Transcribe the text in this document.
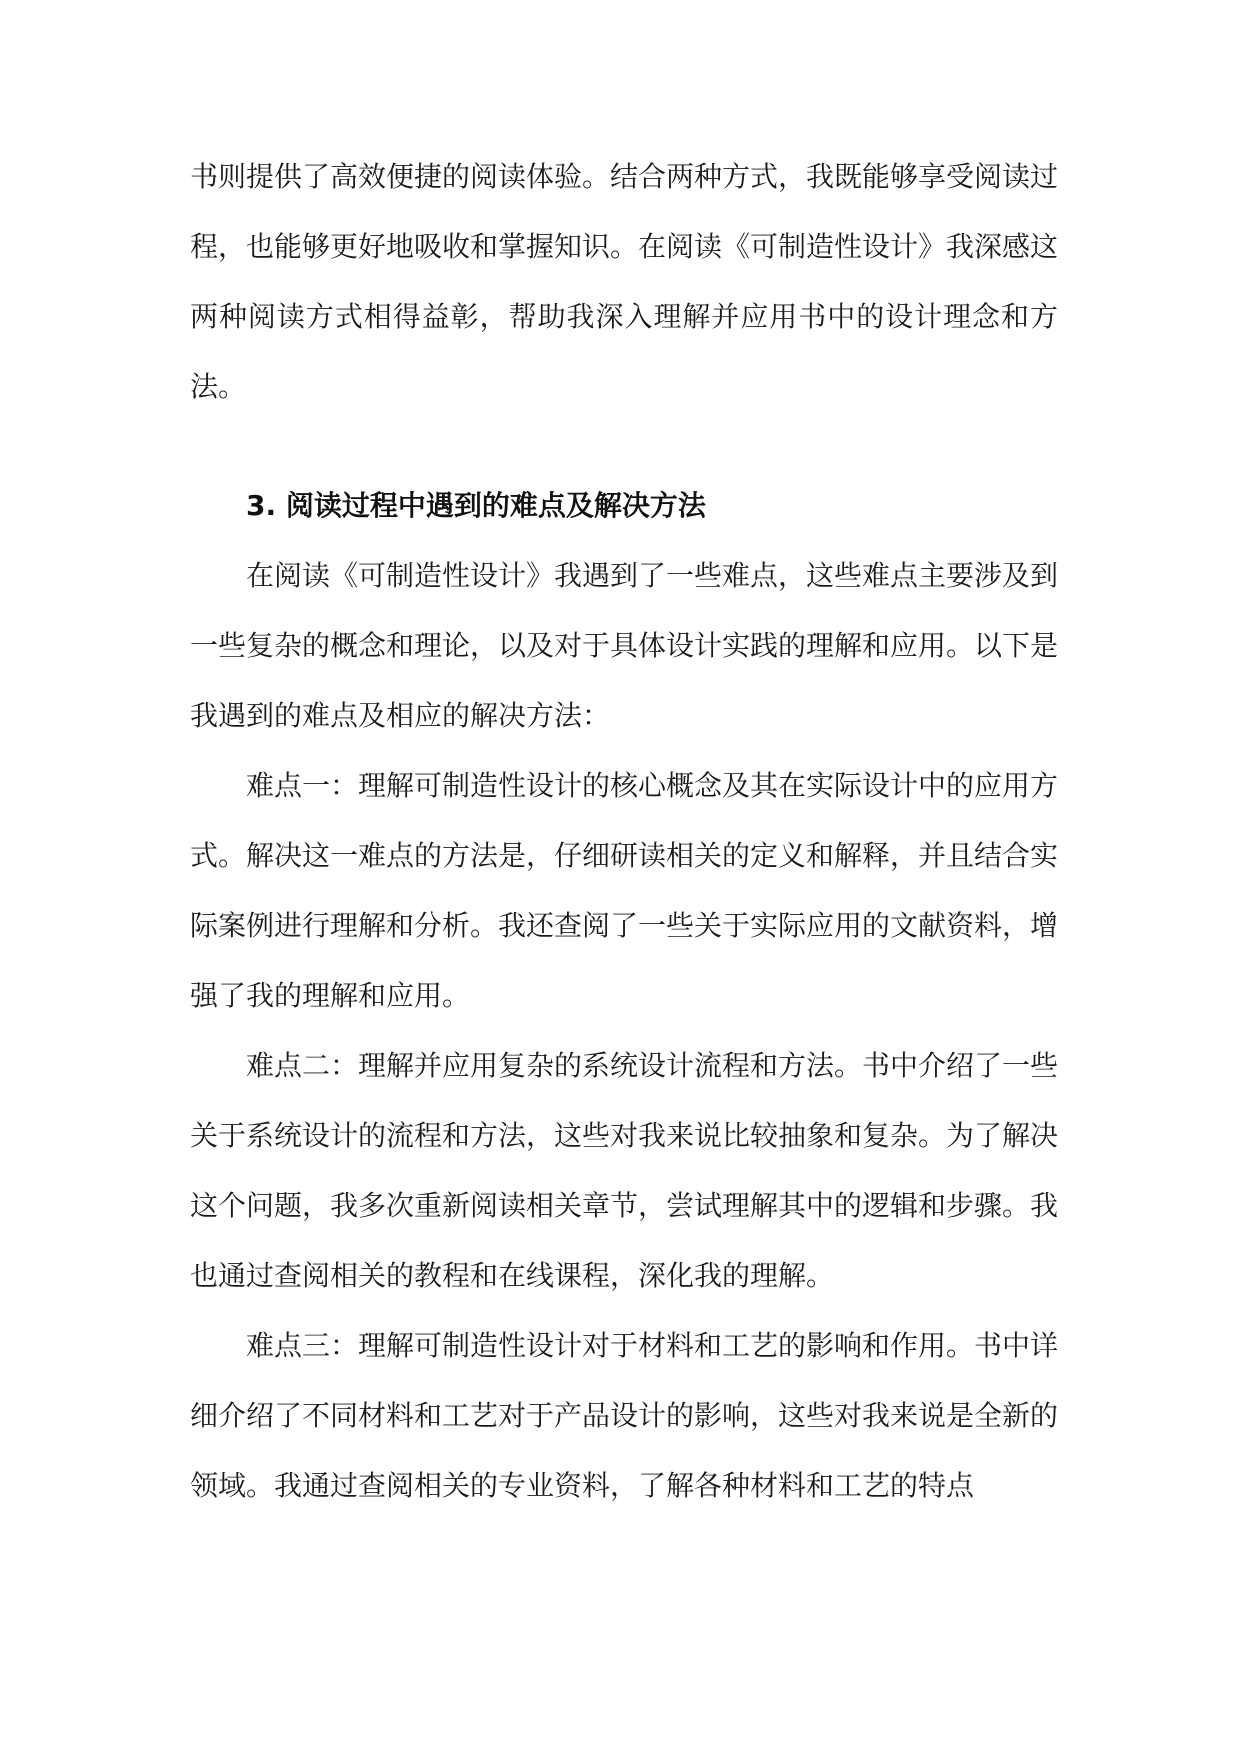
书则提供了高效便捷的阅读体验。结合两种方式，我既能够享受阅读过程，也能够更好地吸收和掌握知识。在阅读《可制造性设计》我深感这两种阅读方式相得益彰，帮助我深入理解并应用书中的设计理念和方法。

3. 阅读过程中遇到的难点及解决方法

在阅读《可制造性设计》我遇到了一些难点，这些难点主要涉及到一些复杂的概念和理论，以及对于具体设计实践的理解和应用。以下是我遇到的难点及相应的解决方法：

难点一：理解可制造性设计的核心概念及其在实际设计中的应用方式。解决这一难点的方法是，仔细研读相关的定义和解释，并且结合实际案例进行理解和分析。我还查阅了一些关于实际应用的文献资料，增强了我的理解和应用。

难点二：理解并应用复杂的系统设计流程和方法。书中介绍了一些关于系统设计的流程和方法，这些对我来说比较抽象和复杂。为了解决这个问题，我多次重新阅读相关章节，尝试理解其中的逻辑和步骤。我也通过查阅相关的教程和在线课程，深化我的理解。

难点三：理解可制造性设计对于材料和工艺的影响和作用。书中详细介绍了不同材料和工艺对于产品设计的影响，这些对我来说是全新的领域。我通过查阅相关的专业资料，了解各种材料和工艺的特点
